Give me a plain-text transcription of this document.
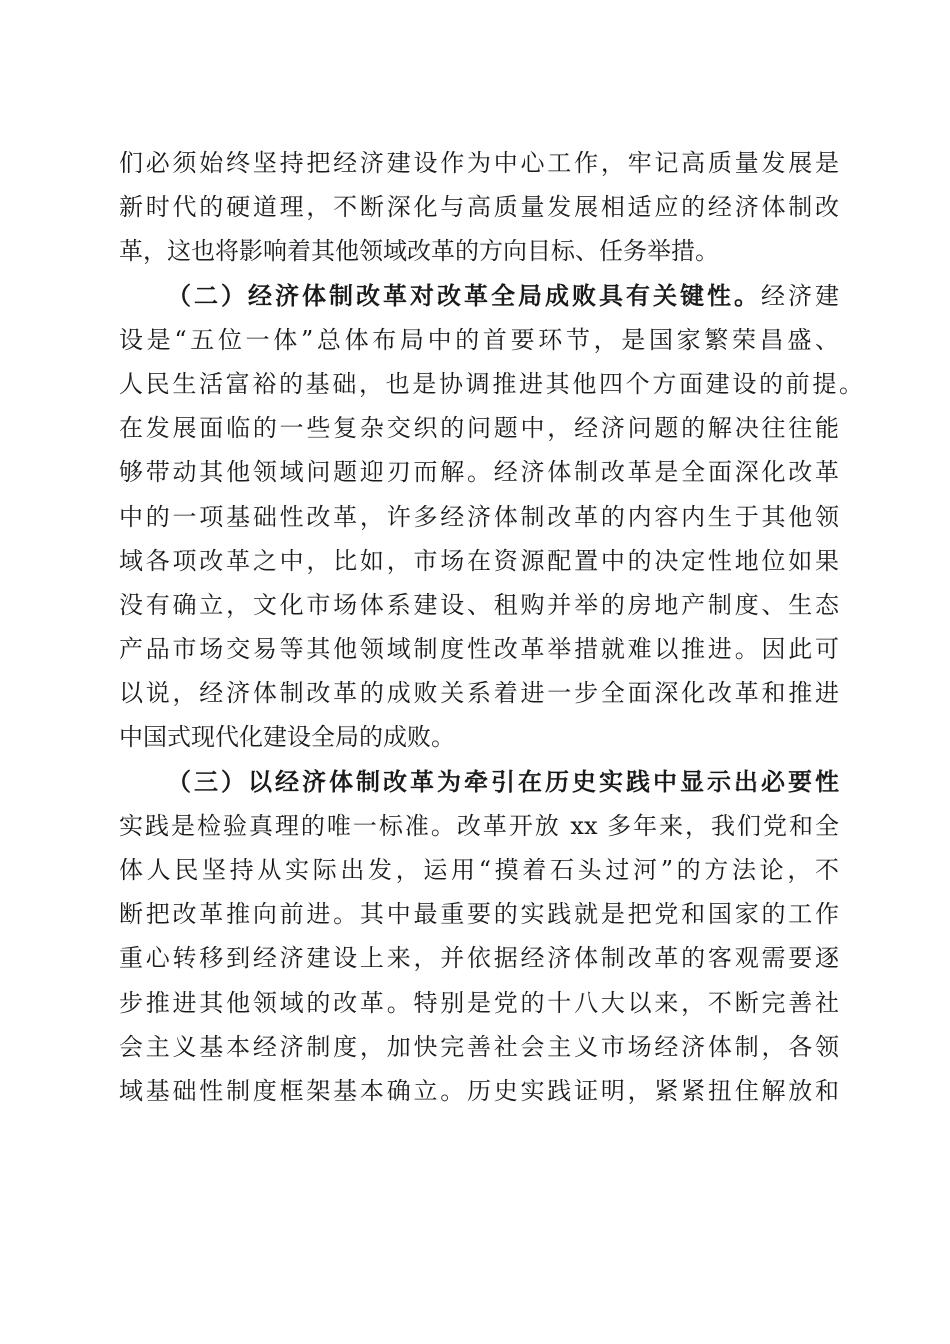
们必须始终坚持把经济建设作为中心工作，牢记高质量发展是
新时代的硬道理，不断深化与高质量发展相适应的经济体制改
革，这也将影响着其他领域改革的方向目标、任务举措。
（二）经济体制改革对改革全局成败具有关键性。经济建
设是“五位一体”总体布局中的首要环节，是国家繁荣昌盛、
人民生活富裕的基础，也是协调推进其他四个方面建设的前提。
在发展面临的一些复杂交织的问题中，经济问题的解决往往能
够带动其他领域问题迎刃而解。经济体制改革是全面深化改革
中的一项基础性改革，许多经济体制改革的内容内生于其他领
域各项改革之中，比如，市场在资源配置中的决定性地位如果
没有确立，文化市场体系建设、租购并举的房地产制度、生态
产品市场交易等其他领域制度性改革举措就难以推进。因此可
以说，经济体制改革的成败关系着进一步全面深化改革和推进
中国式现代化建设全局的成败。
（三）以经济体制改革为牵引在历史实践中显示出必要性
实践是检验真理的唯一标准。改革开放 xx 多年来，我们党和全
体人民坚持从实际出发，运用“摸着石头过河”的方法论，不
断把改革推向前进。其中最重要的实践就是把党和国家的工作
重心转移到经济建设上来，并依据经济体制改革的客观需要逐
步推进其他领域的改革。特别是党的十八大以来，不断完善社
会主义基本经济制度，加快完善社会主义市场经济体制，各领
域基础性制度框架基本确立。历史实践证明，紧紧扭住解放和
